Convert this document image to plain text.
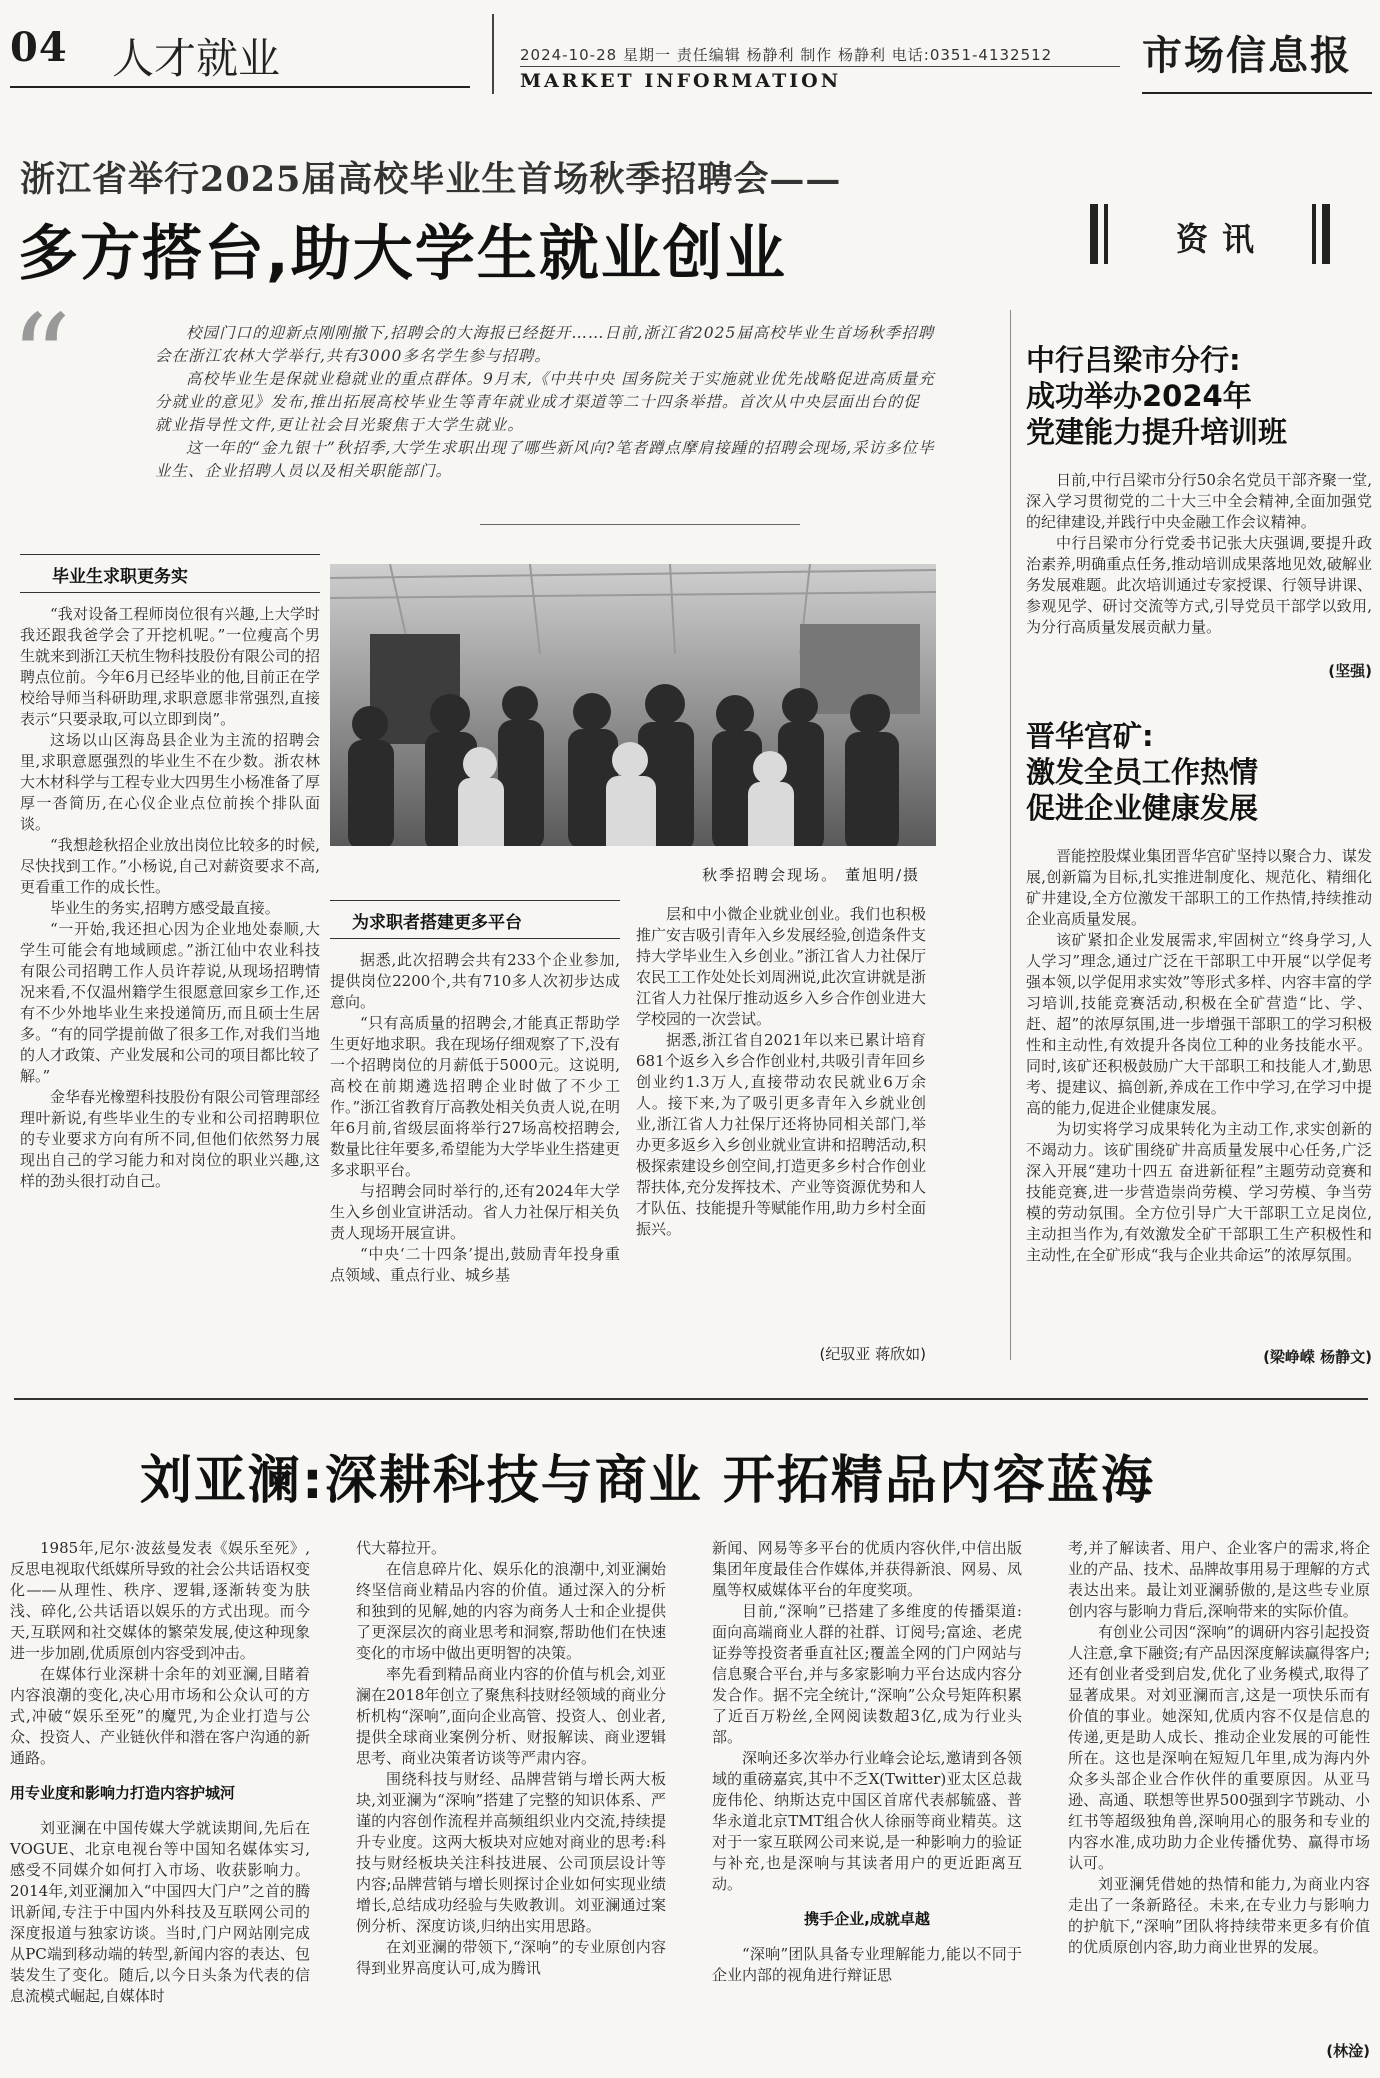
04 人才就业	2024-10-28 星期一 责任编辑 杨静利 制作 杨静利 电话:0351-4132512
MARKET INFORMATION
市场信息报
浙江省举行2025届高校毕业生首场秋季招聘会——
多方搭台,助大学生就业创业
“	校园门口的迎新点刚刚撤下,招聘会的大海报已经挺开……日前,浙江省2025届高校毕业生首场秋季招聘会在浙江农林大学举行,共有3000多名学生参与招聘。

高校毕业生是保就业稳就业的重点群体。9月末,《中共中央 国务院关于实施就业优先战略促进高质量充分就业的意见》发布,推出拓展高校毕业生等青年就业成才渠道等二十四条举措。首次从中央层面出台的促就业指导性文件,更让社会目光聚焦于大学生就业。

这一年的“金九银十”秋招季,大学生求职出现了哪些新风向?笔者蹲点摩肩接踵的招聘会现场,采访多位毕业生、企业招聘人员以及相关职能部门。

毕业生求职更务实

“我对设备工程师岗位很有兴趣,上大学时我还跟我爸学会了开挖机呢。”一位瘦高个男生就来到浙江天杭生物科技股份有限公司的招聘点位前。今年6月已经毕业的他,目前正在学校给导师当科研助理,求职意愿非常强烈,直接表示“只要录取,可以立即到岗”。

这场以山区海岛县企业为主流的招聘会里,求职意愿强烈的毕业生不在少数。浙农林大木材科学与工程专业大四男生小杨准备了厚厚一沓简历,在心仪企业点位前挨个排队面谈。

“我想趁秋招企业放出岗位比较多的时候,尽快找到工作。”小杨说,自己对薪资要求不高,更看重工作的成长性。

毕业生的务实,招聘方感受最直接。

“一开始,我还担心因为企业地处泰顺,大学生可能会有地域顾虑。”浙江仙中农业科技有限公司招聘工作人员许荐说,从现场招聘情况来看,不仅温州籍学生很愿意回家乡工作,还有不少外地毕业生来投递简历,而且硕士生居多。“有的同学提前做了很多工作,对我们当地的人才政策、产业发展和公司的项目都比较了解。”

金华春光橡塑科技股份有限公司管理部经理叶新说,有些毕业生的专业和公司招聘职位的专业要求方向有所不同,但他们依然努力展现出自己的学习能力和对岗位的职业兴趣,这样的劲头很打动自己。

秋季招聘会现场。 董旭明/摄
为求职者搭建更多平台

据悉,此次招聘会共有233个企业参加,提供岗位2200个,共有710多人次初步达成意向。

“只有高质量的招聘会,才能真正帮助学生更好地求职。我在现场仔细观察了下,没有一个招聘岗位的月薪低于5000元。这说明,高校在前期遴选招聘企业时做了不少工作。”浙江省教育厅高教处相关负责人说,在明年6月前,省级层面将举行27场高校招聘会,数量比往年要多,希望能为大学毕业生搭建更多求职平台。

与招聘会同时举行的,还有2024年大学生入乡创业宣讲活动。省人力社保厅相关负责人现场开展宣讲。

“中央‘二十四条’提出,鼓励青年投身重点领域、重点行业、城乡基

层和中小微企业就业创业。我们也积极推广安吉吸引青年入乡发展经验,创造条件支持大学毕业生入乡创业。”浙江省人力社保厅农民工工作处处长刘周洲说,此次宣讲就是浙江省人力社保厅推动返乡入乡合作创业进大学校园的一次尝试。

据悉,浙江省自2021年以来已累计培育681个返乡入乡合作创业村,共吸引青年回乡创业约1.3万人,直接带动农民就业6万余人。接下来,为了吸引更多青年入乡就业创业,浙江省人力社保厅还将协同相关部门,举办更多返乡入乡创业就业宣讲和招聘活动,积极探索建设乡创空间,打造更多乡村合作创业帮扶体,充分发挥技术、产业等资源优势和人才队伍、技能提升等赋能作用,助力乡村全面振兴。

(纪驭亚 蒋欣如)
资讯
中行吕梁市分行:
成功举办2024年
党建能力提升培训班

日前,中行吕梁市分行50余名党员干部齐聚一堂,深入学习贯彻党的二十大三中全会精神,全面加强党的纪律建设,并践行中央金融工作会议精神。

中行吕梁市分行党委书记张大庆强调,要提升政治素养,明确重点任务,推动培训成果落地见效,破解业务发展难题。此次培训通过专家授课、行领导讲课、参观见学、研讨交流等方式,引导党员干部学以致用,为分行高质量发展贡献力量。

(坚强)
晋华宫矿:
激发全员工作热情
促进企业健康发展

晋能控股煤业集团晋华宫矿坚持以聚合力、谋发展,创新篇为目标,扎实推进制度化、规范化、精细化矿井建设,全方位激发干部职工的工作热情,持续推动企业高质量发展。

该矿紧扣企业发展需求,牢固树立“终身学习,人人学习”理念,通过广泛在干部职工中开展“以学促考强本领,以学促用求实效”等形式多样、内容丰富的学习培训,技能竞赛活动,积极在全矿营造“比、学、赶、超”的浓厚氛围,进一步增强干部职工的学习积极性和主动性,有效提升各岗位工种的业务技能水平。同时,该矿还积极鼓励广大干部职工和技能人才,勤思考、提建议、搞创新,养成在工作中学习,在学习中提高的能力,促进企业健康发展。

为切实将学习成果转化为主动工作,求实创新的不竭动力。该矿围绕矿井高质量发展中心任务,广泛深入开展“建功十四五 奋进新征程”主题劳动竞赛和技能竞赛,进一步营造崇尚劳模、学习劳模、争当劳模的劳动氛围。全方位引导广大干部职工立足岗位,主动担当作为,有效激发全矿干部职工生产积极性和主动性,在全矿形成“我与企业共命运”的浓厚氛围。

(梁峥嵘 杨静文)
刘亚澜:深耕科技与商业 开拓精品内容蓝海

1985年,尼尔·波兹曼发表《娱乐至死》,反思电视取代纸媒所导致的社会公共话语权变化——从理性、秩序、逻辑,逐渐转变为肤浅、碎化,公共话语以娱乐的方式出现。而今天,互联网和社交媒体的繁荣发展,使这种现象进一步加剧,优质原创内容受到冲击。

在媒体行业深耕十余年的刘亚澜,目睹着内容浪潮的变化,决心用市场和公众认可的方式,冲破“娱乐至死”的魔咒,为企业打造与公众、投资人、产业链伙伴和潜在客户沟通的新通路。

用专业度和影响力打造内容护城河

刘亚澜在中国传媒大学就读期间,先后在VOGUE、北京电视台等中国知名媒体实习,感受不同媒介如何打入市场、收获影响力。2014年,刘亚澜加入“中国四大门户”之首的腾讯新闻,专注于中国内外科技及互联网公司的深度报道与独家访谈。当时,门户网站刚完成从PC端到移动端的转型,新闻内容的表达、包装发生了变化。随后,以今日头条为代表的信息流模式崛起,自媒体时

代大幕拉开。

在信息碎片化、娱乐化的浪潮中,刘亚澜始终坚信商业精品内容的价值。通过深入的分析和独到的见解,她的内容为商务人士和企业提供了更深层次的商业思考和洞察,帮助他们在快速变化的市场中做出更明智的决策。

率先看到精品商业内容的价值与机会,刘亚澜在2018年创立了聚焦科技财经领域的商业分析机构“深响”,面向企业高管、投资人、创业者,提供全球商业案例分析、财报解读、商业逻辑思考、商业决策者访谈等严肃内容。

围绕科技与财经、品牌营销与增长两大板块,刘亚澜为“深响”搭建了完整的知识体系、严谨的内容创作流程并高频组织业内交流,持续提升专业度。这两大板块对应她对商业的思考:科技与财经板块关注科技进展、公司顶层设计等内容;品牌营销与增长则探讨企业如何实现业绩增长,总结成功经验与失败教训。刘亚澜通过案例分析、深度访谈,归纳出实用思路。

在刘亚澜的带领下,“深响”的专业原创内容得到业界高度认可,成为腾讯

新闻、网易等多平台的优质内容伙伴,中信出版集团年度最佳合作媒体,并获得新浪、网易、凤凰等权威媒体平台的年度奖项。

目前,“深响”已搭建了多维度的传播渠道:面向高端商业人群的社群、订阅号;富途、老虎证券等投资者垂直社区;覆盖全网的门户网站与信息聚合平台,并与多家影响力平台达成内容分发合作。据不完全统计,“深响”公众号矩阵积累了近百万粉丝,全网阅读数超3亿,成为行业头部。

深响还多次举办行业峰会论坛,邀请到各领域的重磅嘉宾,其中不乏X(Twitter)亚太区总裁庞伟伦、纳斯达克中国区首席代表郝毓盛、普华永道北京TMT组合伙人徐丽等商业精英。这对于一家互联网公司来说,是一种影响力的验证与补充,也是深响与其读者用户的更近距离互动。

携手企业,成就卓越

“深响”团队具备专业理解能力,能以不同于企业内部的视角进行辩证思

考,并了解读者、用户、企业客户的需求,将企业的产品、技术、品牌故事用易于理解的方式表达出来。最让刘亚澜骄傲的,是这些专业原创内容与影响力背后,深响带来的实际价值。

有创业公司因“深响”的调研内容引起投资人注意,拿下融资;有产品因深度解读赢得客户;还有创业者受到启发,优化了业务模式,取得了显著成果。对刘亚澜而言,这是一项快乐而有价值的事业。她深知,优质内容不仅是信息的传递,更是助人成长、推动企业发展的可能性所在。这也是深响在短短几年里,成为海内外众多头部企业合作伙伴的重要原因。从亚马逊、高通、联想等世界500强到字节跳动、小红书等超级独角兽,深响用心的服务和专业的内容水准,成功助力企业传播优势、赢得市场认可。

刘亚澜凭借她的热情和能力,为商业内容走出了一条新路径。未来,在专业力与影响力的护航下,“深响”团队将持续带来更多有价值的优质原创内容,助力商业世界的发展。

(林淦)
